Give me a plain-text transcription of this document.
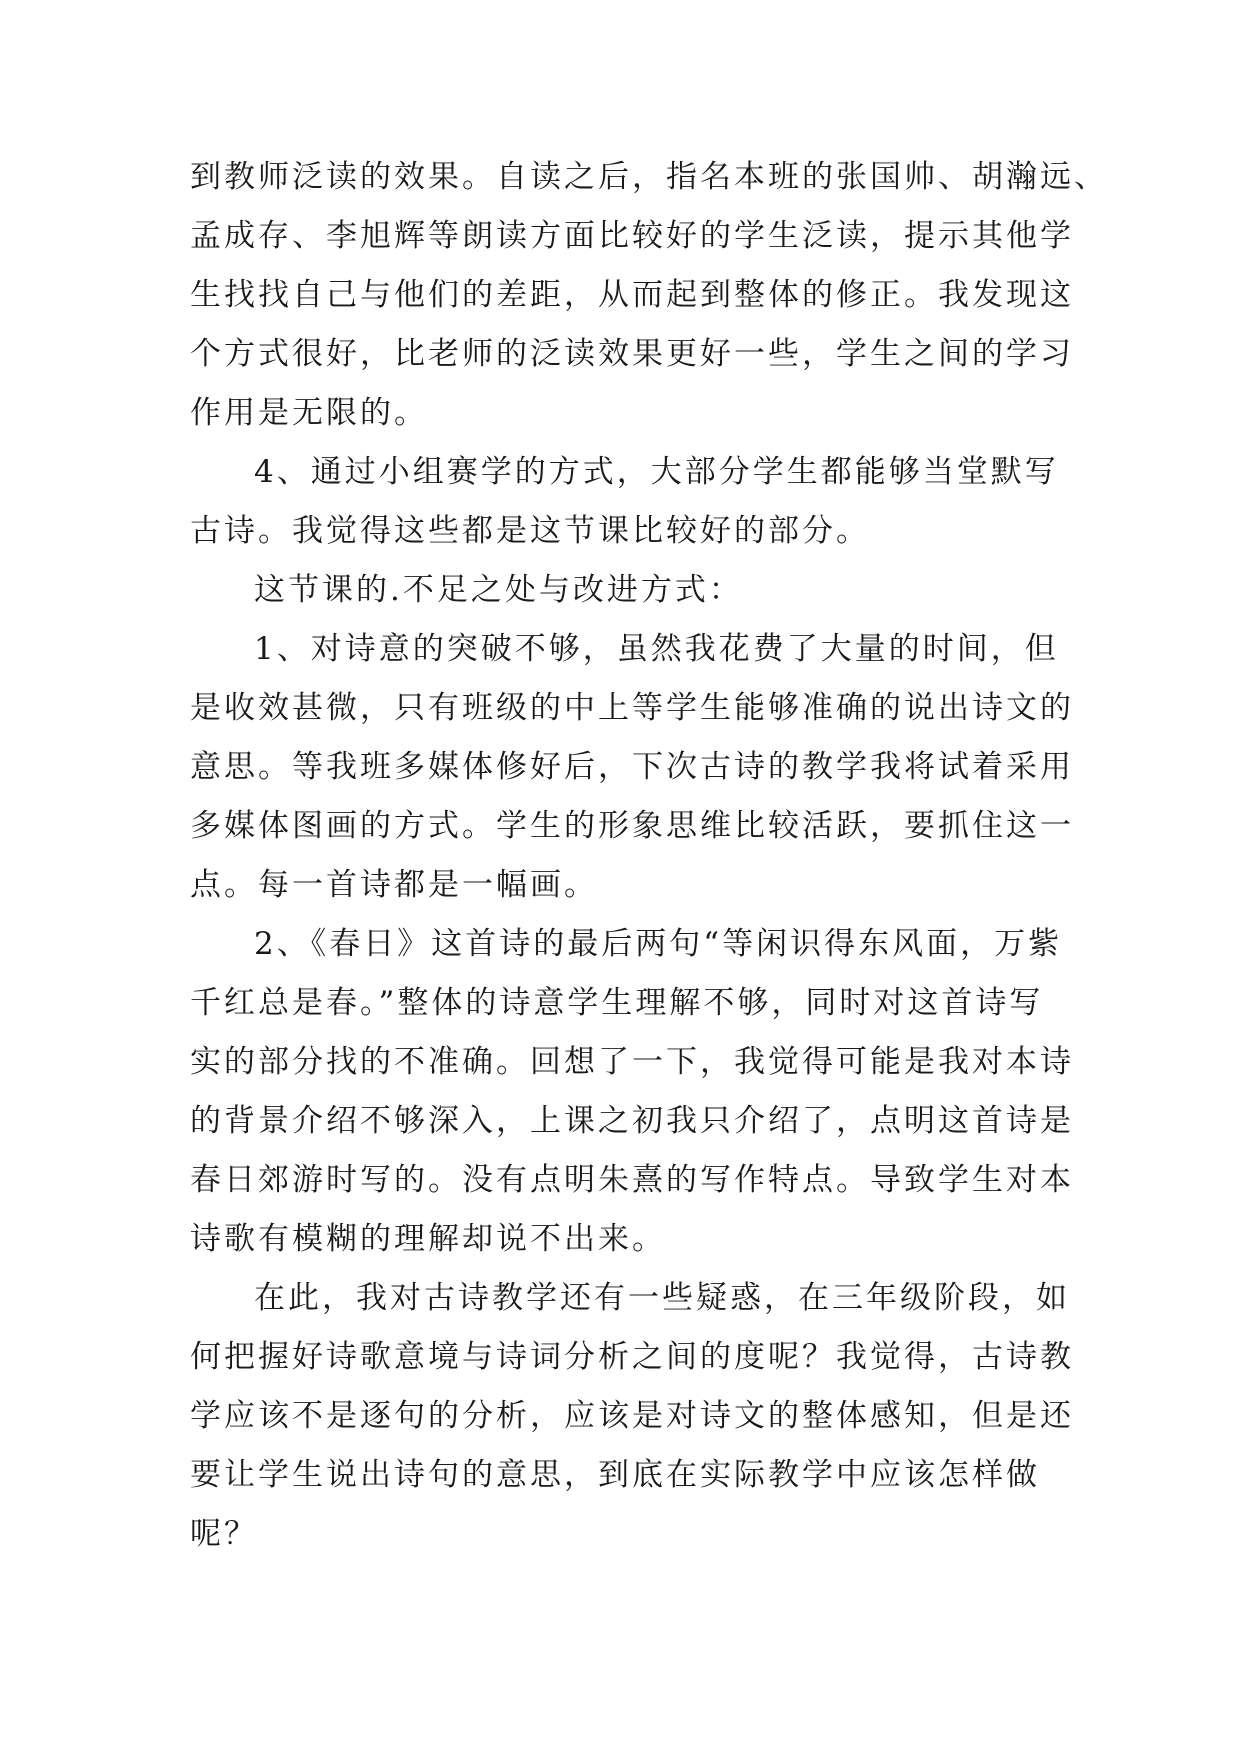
到教师泛读的效果。自读之后，指名本班的张国帅、胡瀚远、
孟成存、李旭辉等朗读方面比较好的学生泛读，提示其他学
生找找自己与他们的差距，从而起到整体的修正。我发现这
个方式很好，比老师的泛读效果更好一些，学生之间的学习
作用是无限的。
4、通过小组赛学的方式，大部分学生都能够当堂默写
古诗。我觉得这些都是这节课比较好的部分。
这节课的.不足之处与改进方式：
1、对诗意的突破不够，虽然我花费了大量的时间，但
是收效甚微，只有班级的中上等学生能够准确的说出诗文的
意思。等我班多媒体修好后，下次古诗的教学我将试着采用
多媒体图画的方式。学生的形象思维比较活跃，要抓住这一
点。每一首诗都是一幅画。
2、《春日》这首诗的最后两句“等闲识得东风面，万紫
千红总是春。”整体的诗意学生理解不够，同时对这首诗写
实的部分找的不准确。回想了一下，我觉得可能是我对本诗
的背景介绍不够深入，上课之初我只介绍了，点明这首诗是
春日郊游时写的。没有点明朱熹的写作特点。导致学生对本
诗歌有模糊的理解却说不出来。
在此，我对古诗教学还有一些疑惑，在三年级阶段，如
何把握好诗歌意境与诗词分析之间的度呢？我觉得，古诗教
学应该不是逐句的分析，应该是对诗文的整体感知，但是还
要让学生说出诗句的意思，到底在实际教学中应该怎样做
呢？
